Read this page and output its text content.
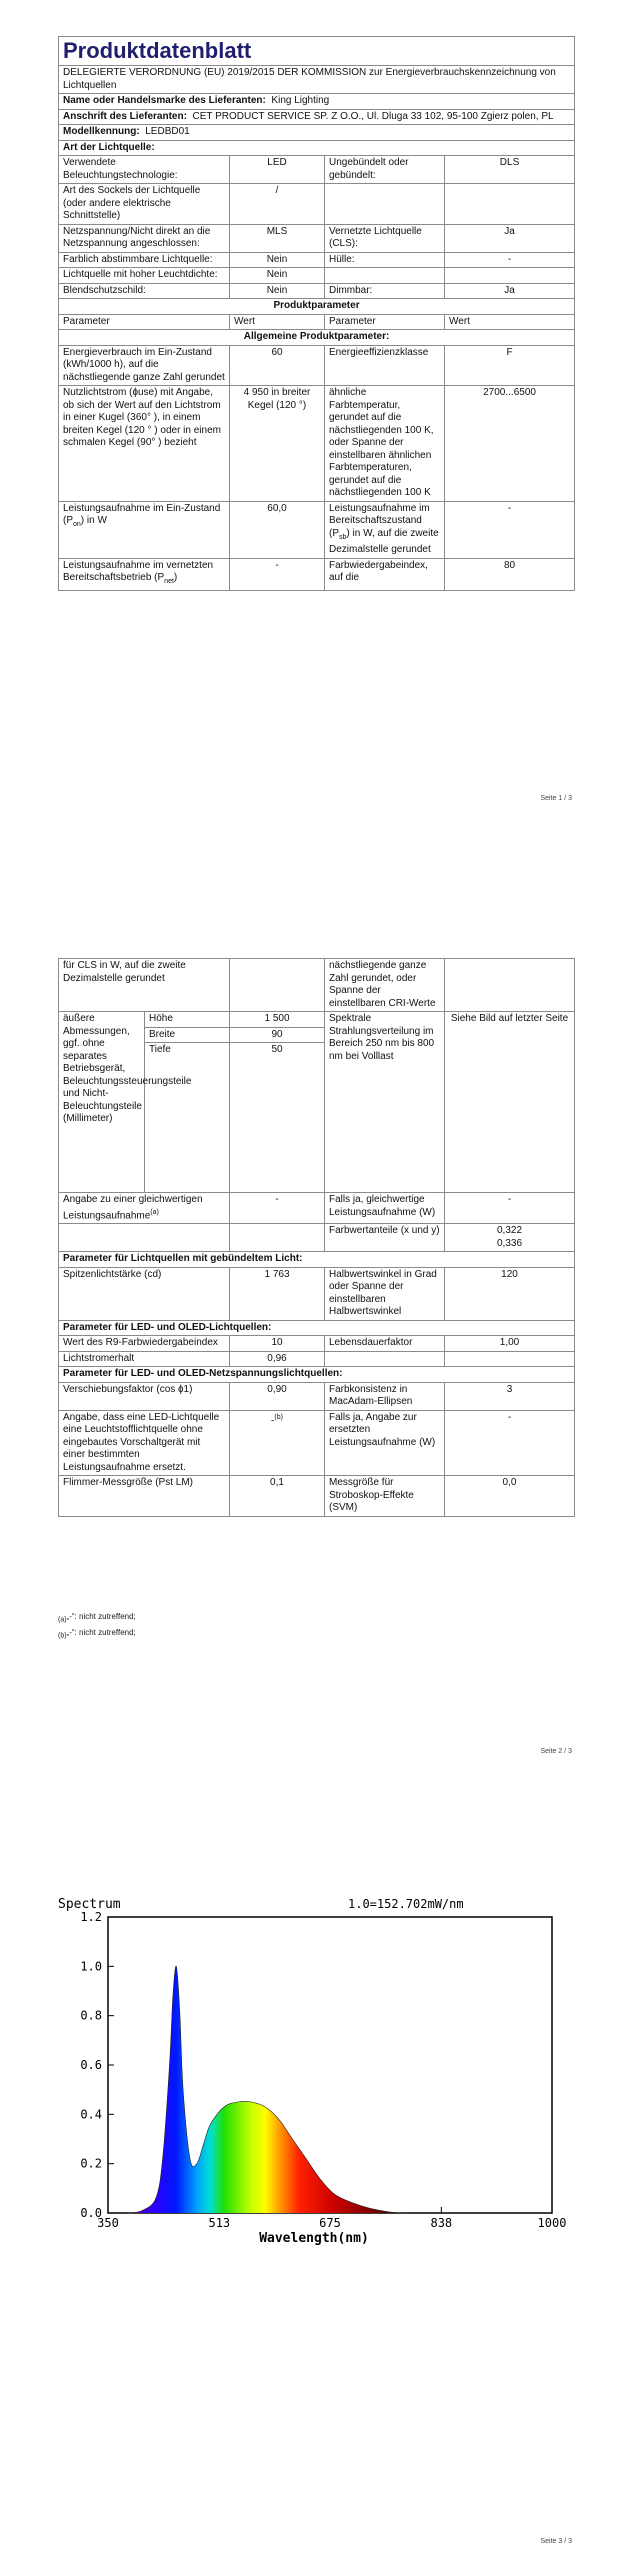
Produktdatenblatt			
DELEGIERTE VERORDNUNG (EU) 2019/2015 DER KOMMISSION zur Energieverbrauchskennzeichnung von Lichtquellen			
Name oder Handelsmarke des Lieferanten: King Lighting			
Anschrift des Lieferanten: CET PRODUCT SERVICE SP. Z O.O., Ul. Dluga 33 102, 95-100 Zgierz polen, PL			
Modellkennung: LEDBD01			
Art der Lichtquelle:			
Verwendete Beleuchtungstechnologie:	LED	Ungebündelt oder gebündelt:	DLS
Art des Sockels der Lichtquelle (oder andere elektrische Schnittstelle)	/		
Netzspannung/Nicht direkt an die Netzspannung angeschlossen:	MLS	Vernetzte Lichtquelle (CLS):	Ja
Farblich abstimmbare Lichtquelle:	Nein	Hülle:	-
Lichtquelle mit hoher Leuchtdichte:	Nein		
Blendschutzschild:	Nein	Dimmbar:	Ja
Produktparameter			
Parameter	Wert	Parameter	Wert
Allgemeine Produktparameter:			
Energieverbrauch im Ein-Zustand (kWh/1000 h), auf die nächstliegende ganze Zahl gerundet	60	Energieeffizienzklasse	F
Nutzlichtstrom (ɸuse) mit Angabe, ob sich der Wert auf den Lichtstrom in einer Kugel (360° ), in einem breiten Kegel (120 ° ) oder in einem schmalen Kegel (90° ) bezieht	4 950 in breiter Kegel (120 °)	ähnliche Farbtemperatur, gerundet auf die nächstliegenden 100 K, oder Spanne der einstellbaren ähnlichen Farbtemperaturen, gerundet auf die nächstliegenden 100 K	2700...6500
Leistungsaufnahme im Ein-Zustand $(P_{on})$ in W	60,0	Leistungsaufnahme im Bereitschaftszustand $(P_{sb})$ in W, auf die zweite Dezimalstelle gerundet	-
Leistungsaufnahme im vernetzten Bereitschaftsbetrieb $(P_{net})$	-	Farbwiedergabeindex, auf die	80
Seite 1 / 3
für CLS in W, auf die zweite Dezimalstelle gerundet			nächstliegende ganze Zahl gerundet, oder Spanne der einstellbaren CRI-Werte	
äußere Abmessungen, ggf. ohne separates Betriebsgerät, Beleuchtungssteuerungsteile und Nicht-Beleuchtungsteile (Millimeter)	Höhe	1 500	Spektrale Strahlungsverteilung im Bereich 250 nm bis 800 nm bei Volllast	Siehe Bild auf letzter Seite
	Breite	90		
	Tiefe	50		
Angabe zu einer gleichwertigen Leistungsaufnahme$^{(a)}$		-	Falls ja, gleichwertige Leistungsaufnahme (W)	-
			Farbwertanteile (x und y)	0,322
0,336

Parameter für Lichtquellen mit gebündeltem Licht:				
Spitzenlichtstärke (cd)		1 763	Halbwertswinkel in Grad oder Spanne der einstellbaren Halbwertswinkel	120
Parameter für LED- und OLED-Lichtquellen:				
Wert des R9-Farbwiedergabeindex		10	Lebensdauerfaktor	1,00
Lichtstromerhalt		0,96		
Parameter für LED- und OLED-Netzspannungslichtquellen:				
Verschiebungsfaktor (cos ɸ1)		0,90	Farbkonsistenz in MacAdam-Ellipsen	3
Angabe, dass eine LED-Lichtquelle eine Leuchtstofflichtquelle ohne eingebautes Vorschaltgerät mit einer bestimmten Leistungsaufnahme ersetzt.		-$^{(b)}$	Falls ja, Angabe zur ersetzten Leistungsaufnahme (W)	-
Flimmer-Messgröße (Pst LM)		0,1	Messgröße für Stroboskop-Effekte (SVM)	0,0
$_{(a)}$„-“: nicht zutreffend;
$_{(b)}$„-“: nicht zutreffend;
Seite 2 / 3
Spectrum	1.0=152.702mW/nm
0.0
0.2
0.4
0.6
0.8
1.0
1.2
350	513	675	838	1000
Wavelength(nm)
Seite 3 / 3
